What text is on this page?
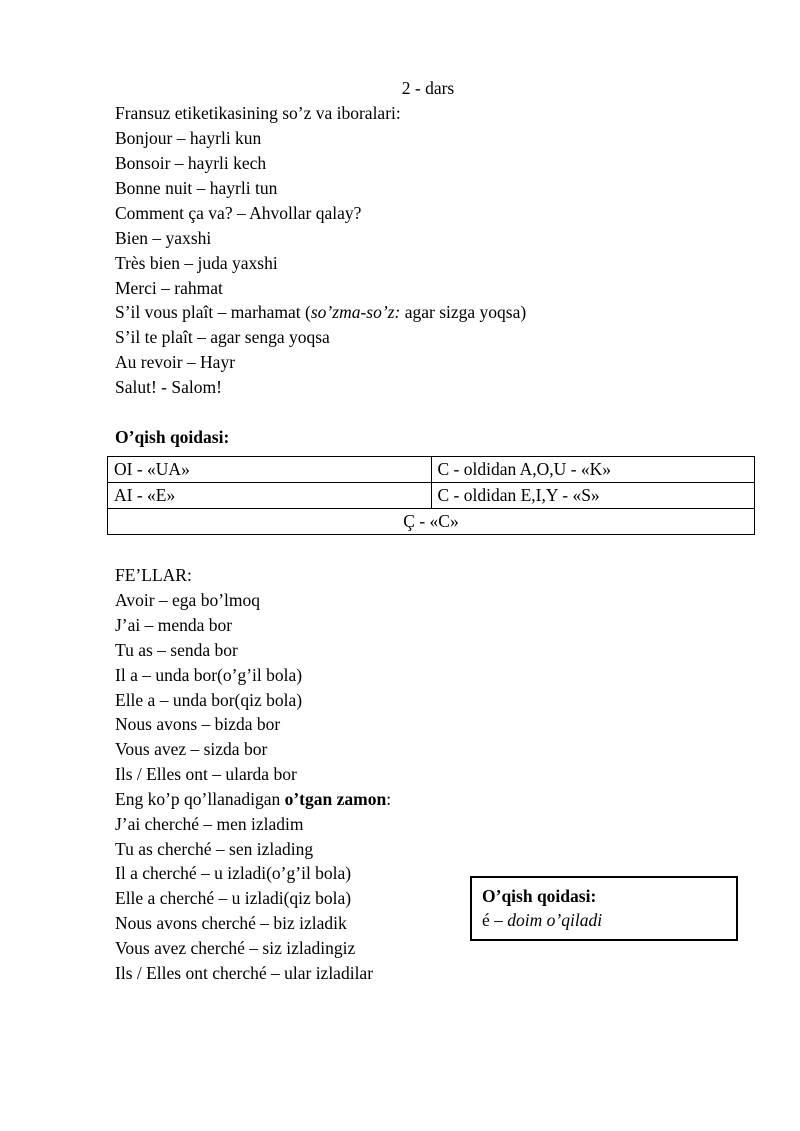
2 - dars
Fransuz etiketikasining so’z va iboralari:
Bonjour – hayrli kun
Bonsoir – hayrli kech
Bonne nuit – hayrli tun
Comment ça va? – Ahvollar qalay?
Bien – yaxshi
Très bien – juda yaxshi
Merci – rahmat
S’il vous plaît – marhamat (so’zma-so’z: agar sizga yoqsa)
S’il te plaît – agar senga yoqsa
Au revoir – Hayr
Salut! - Salom!
O’qish qoidasi:
OI - «UA»	C - oldidan A,O,U - «K»
AI - «E»	C - oldidan E,I,Y - «S»
Ç - «C»	
FE’LLAR:
Avoir – ega bo’lmoq
J’ai – menda bor
Tu as – senda bor
Il a – unda bor(o’g’il bola)
Elle a – unda bor(qiz bola)
Nous avons – bizda bor
Vous avez – sizda bor
Ils / Elles ont – ularda bor
Eng ko’p qo’llanadigan o’tgan zamon:
J’ai cherché – men izladim
Tu as cherché – sen izlading
Il a cherché – u izladi(o’g’il bola)
Elle a cherché – u izladi(qiz bola)
Nous avons cherché – biz izladik
Vous avez cherché – siz izladingiz
Ils / Elles ont cherché – ular izladilar
O’qish qoidasi:
é – doim o’qiladi
